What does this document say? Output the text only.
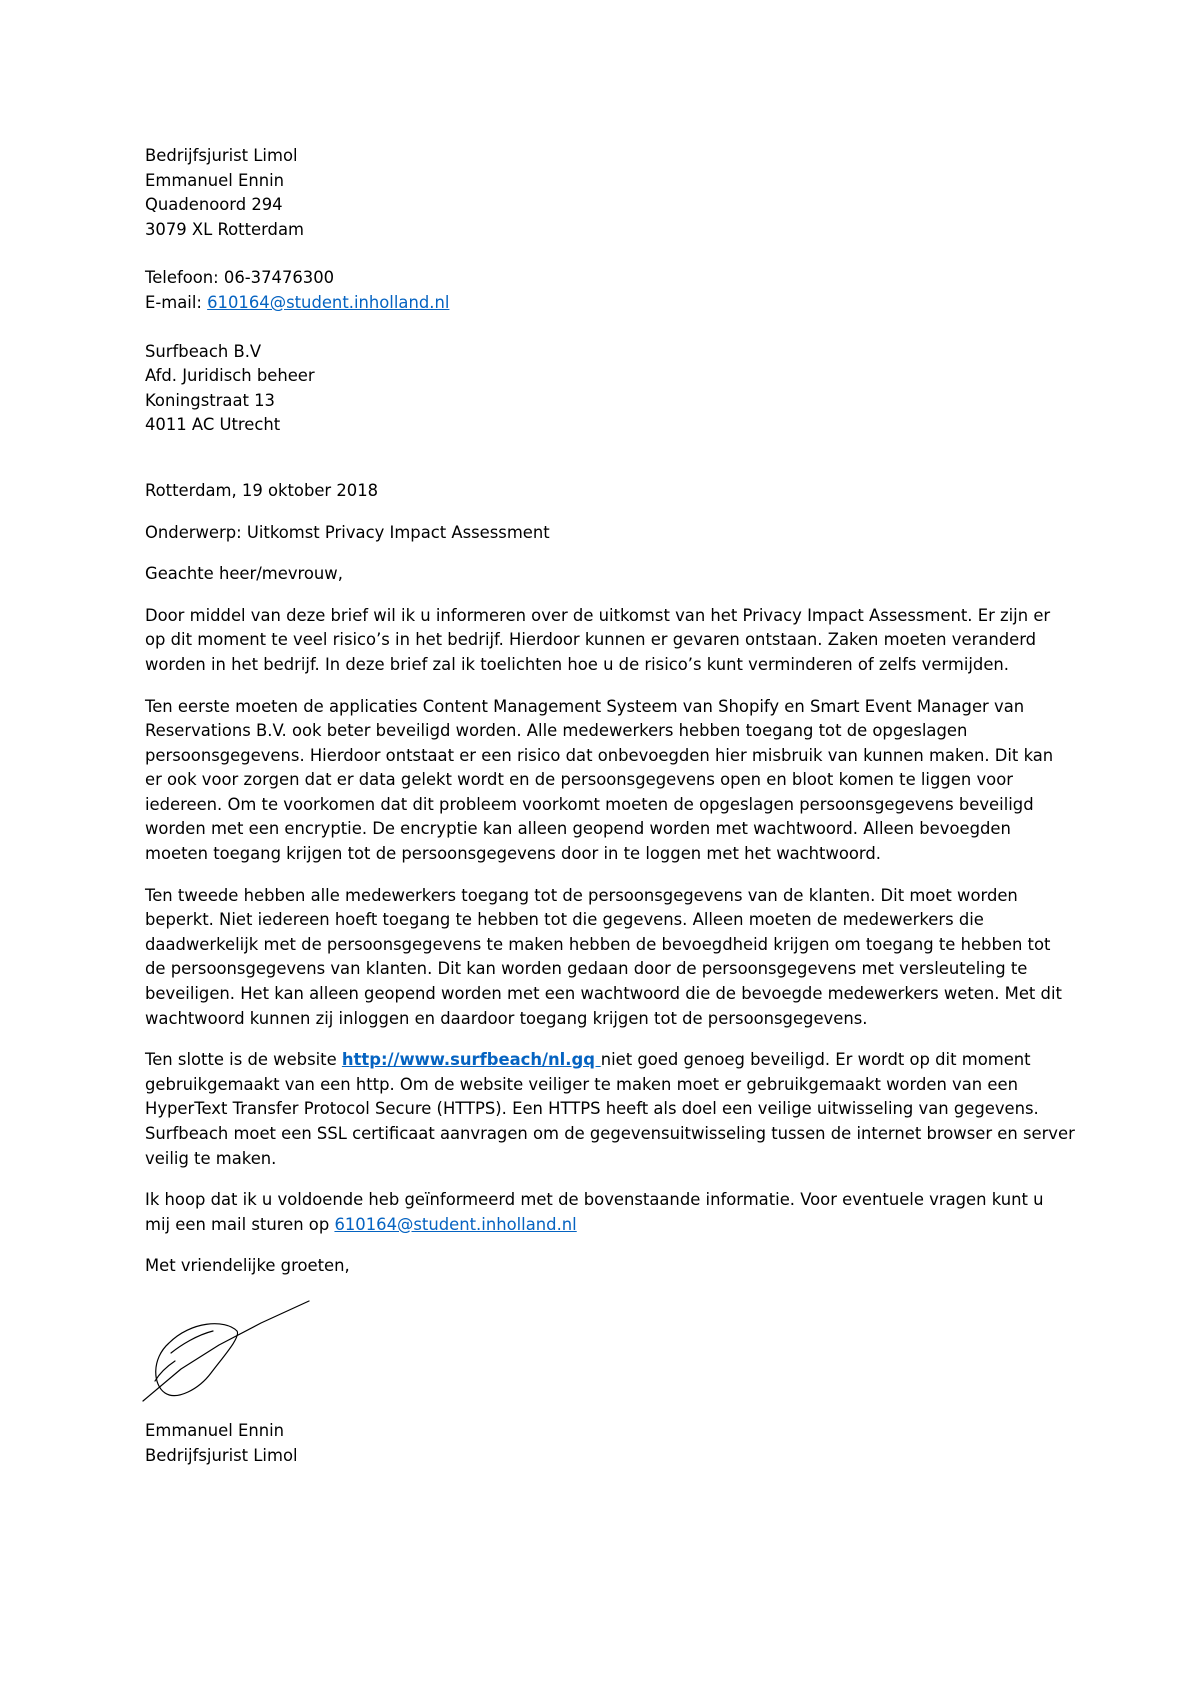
Bedrijfsjurist Limol
Emmanuel Ennin
Quadenoord 294
3079 XL Rotterdam
Telefoon: 06-37476300
E-mail: 610164@student.inholland.nl
Surfbeach B.V
Afd. Juridisch beheer
Koningstraat 13
4011 AC Utrecht
Rotterdam, 19 oktober 2018
Onderwerp: Uitkomst Privacy Impact Assessment
Geachte heer/mevrouw,
Door middel van deze brief wil ik u informeren over de uitkomst van het Privacy Impact Assessment. Er zijn er
op dit moment te veel risico’s in het bedrijf. Hierdoor kunnen er gevaren ontstaan. Zaken moeten veranderd
worden in het bedrijf. In deze brief zal ik toelichten hoe u de risico’s kunt verminderen of zelfs vermijden.
Ten eerste moeten de applicaties Content Management Systeem van Shopify en Smart Event Manager van
Reservations B.V. ook beter beveiligd worden. Alle medewerkers hebben toegang tot de opgeslagen
persoonsgegevens. Hierdoor ontstaat er een risico dat onbevoegden hier misbruik van kunnen maken. Dit kan
er ook voor zorgen dat er data gelekt wordt en de persoonsgegevens open en bloot komen te liggen voor
iedereen. Om te voorkomen dat dit probleem voorkomt moeten de opgeslagen persoonsgegevens beveiligd
worden met een encryptie. De encryptie kan alleen geopend worden met wachtwoord. Alleen bevoegden
moeten toegang krijgen tot de persoonsgegevens door in te loggen met het wachtwoord.
Ten tweede hebben alle medewerkers toegang tot de persoonsgegevens van de klanten. Dit moet worden
beperkt. Niet iedereen hoeft toegang te hebben tot die gegevens. Alleen moeten de medewerkers die
daadwerkelijk met de persoonsgegevens te maken hebben de bevoegdheid krijgen om toegang te hebben tot
de persoonsgegevens van klanten. Dit kan worden gedaan door de persoonsgegevens met versleuteling te
beveiligen. Het kan alleen geopend worden met een wachtwoord die de bevoegde medewerkers weten. Met dit
wachtwoord kunnen zij inloggen en daardoor toegang krijgen tot de persoonsgegevens.
Ten slotte is de website http://www.surfbeach/nl.gq niet goed genoeg beveiligd. Er wordt op dit moment
gebruikgemaakt van een http. Om de website veiliger te maken moet er gebruikgemaakt worden van een
HyperText Transfer Protocol Secure (HTTPS). Een HTTPS heeft als doel een veilige uitwisseling van gegevens.
Surfbeach moet een SSL certificaat aanvragen om de gegevensuitwisseling tussen de internet browser en server
veilig te maken.
Ik hoop dat ik u voldoende heb geïnformeerd met de bovenstaande informatie. Voor eventuele vragen kunt u
mij een mail sturen op 610164@student.inholland.nl
Met vriendelijke groeten,
Emmanuel Ennin
Bedrijfsjurist Limol
